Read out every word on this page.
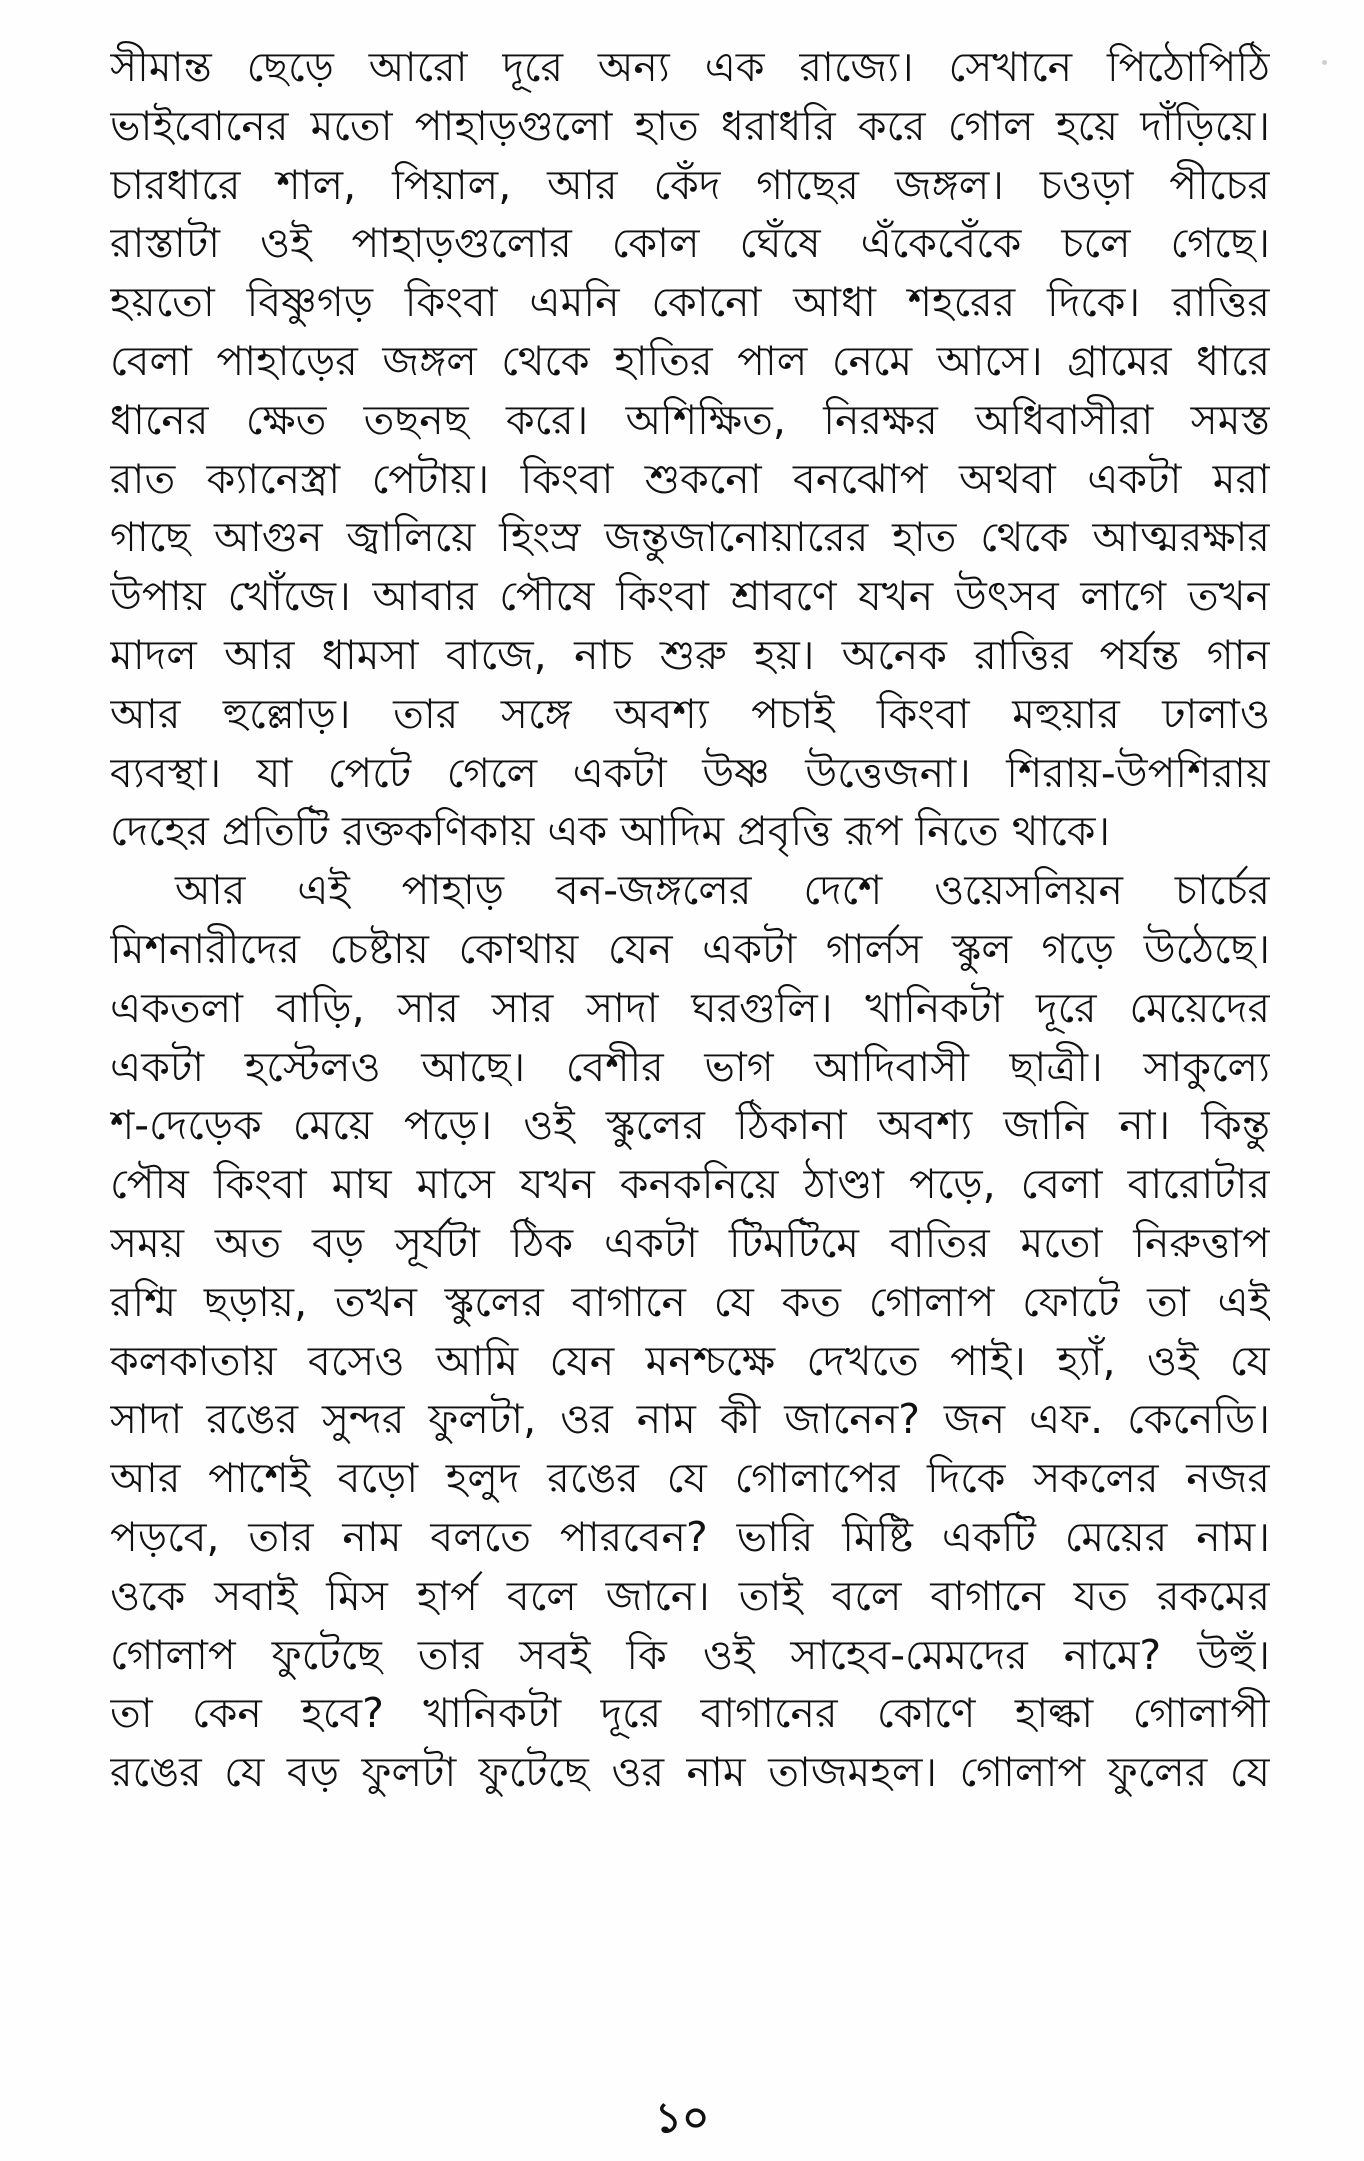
সীমান্ত ছেড়ে আরো দূরে অন্য এক রাজ্যে। সেখানে পিঠোপিঠি
ভাইবোনের মতো পাহাড়গুলো হাত ধরাধরি করে গোল হয়ে দাঁড়িয়ে।
চারধারে শাল, পিয়াল, আর কেঁদ গাছের জঙ্গল। চওড়া পীচের
রাস্তাটা ওই পাহাড়গুলোর কোল ঘেঁষে এঁকেবেঁকে চলে গেছে।
হয়তো বিষ্ণুগড় কিংবা এমনি কোনো আধা শহরের দিকে। রাত্তির
বেলা পাহাড়ের জঙ্গল থেকে হাতির পাল নেমে আসে। গ্রামের ধারে
ধানের ক্ষেত তছনছ করে। অশিক্ষিত, নিরক্ষর অধিবাসীরা সমস্ত
রাত ক্যানেস্ত্রা পেটায়। কিংবা শুকনো বনঝোপ অথবা একটা মরা
গাছে আগুন জ্বালিয়ে হিংস্র জন্তুজানোয়ারের হাত থেকে আত্মরক্ষার
উপায় খোঁজে। আবার পৌষে কিংবা শ্রাবণে যখন উৎসব লাগে তখন
মাদল আর ধামসা বাজে, নাচ শুরু হয়। অনেক রাত্তির পর্যন্ত গান
আর হুল্লোড়। তার সঙ্গে অবশ্য পচাই কিংবা মহুয়ার ঢালাও
ব্যবস্থা। যা পেটে গেলে একটা উষ্ণ উত্তেজনা। শিরায়-উপশিরায়
দেহের প্রতিটি রক্তকণিকায় এক আদিম প্রবৃত্তি রূপ নিতে থাকে।
আর এই পাহাড় বন-জঙ্গলের দেশে ওয়েসলিয়ন চার্চের
মিশনারীদের চেষ্টায় কোথায় যেন একটা গার্লস স্কুল গড়ে উঠেছে।
একতলা বাড়ি, সার সার সাদা ঘরগুলি। খানিকটা দূরে মেয়েদের
একটা হস্টেলও আছে। বেশীর ভাগ আদিবাসী ছাত্রী। সাকুল্যে
শ-দেড়েক মেয়ে পড়ে। ওই স্কুলের ঠিকানা অবশ্য জানি না। কিন্তু
পৌষ কিংবা মাঘ মাসে যখন কনকনিয়ে ঠাণ্ডা পড়ে, বেলা বারোটার
সময় অত বড় সূর্যটা ঠিক একটা টিমটিমে বাতির মতো নিরুত্তাপ
রশ্মি ছড়ায়, তখন স্কুলের বাগানে যে কত গোলাপ ফোটে তা এই
কলকাতায় বসেও আমি যেন মনশ্চক্ষে দেখতে পাই। হ্যাঁ, ওই যে
সাদা রঙের সুন্দর ফুলটা, ওর নাম কী জানেন? জন এফ. কেনেডি।
আর পাশেই বড়ো হলুদ রঙের যে গোলাপের দিকে সকলের নজর
পড়বে, তার নাম বলতে পারবেন? ভারি মিষ্টি একটি মেয়ের নাম।
ওকে সবাই মিস হার্প বলে জানে। তাই বলে বাগানে যত রকমের
গোলাপ ফুটেছে তার সবই কি ওই সাহেব-মেমদের নামে? উহুঁ।
তা কেন হবে? খানিকটা দূরে বাগানের কোণে হাল্কা গোলাপী
রঙের যে বড় ফুলটা ফুটেছে ওর নাম তাজমহল। গোলাপ ফুলের যে
১০
